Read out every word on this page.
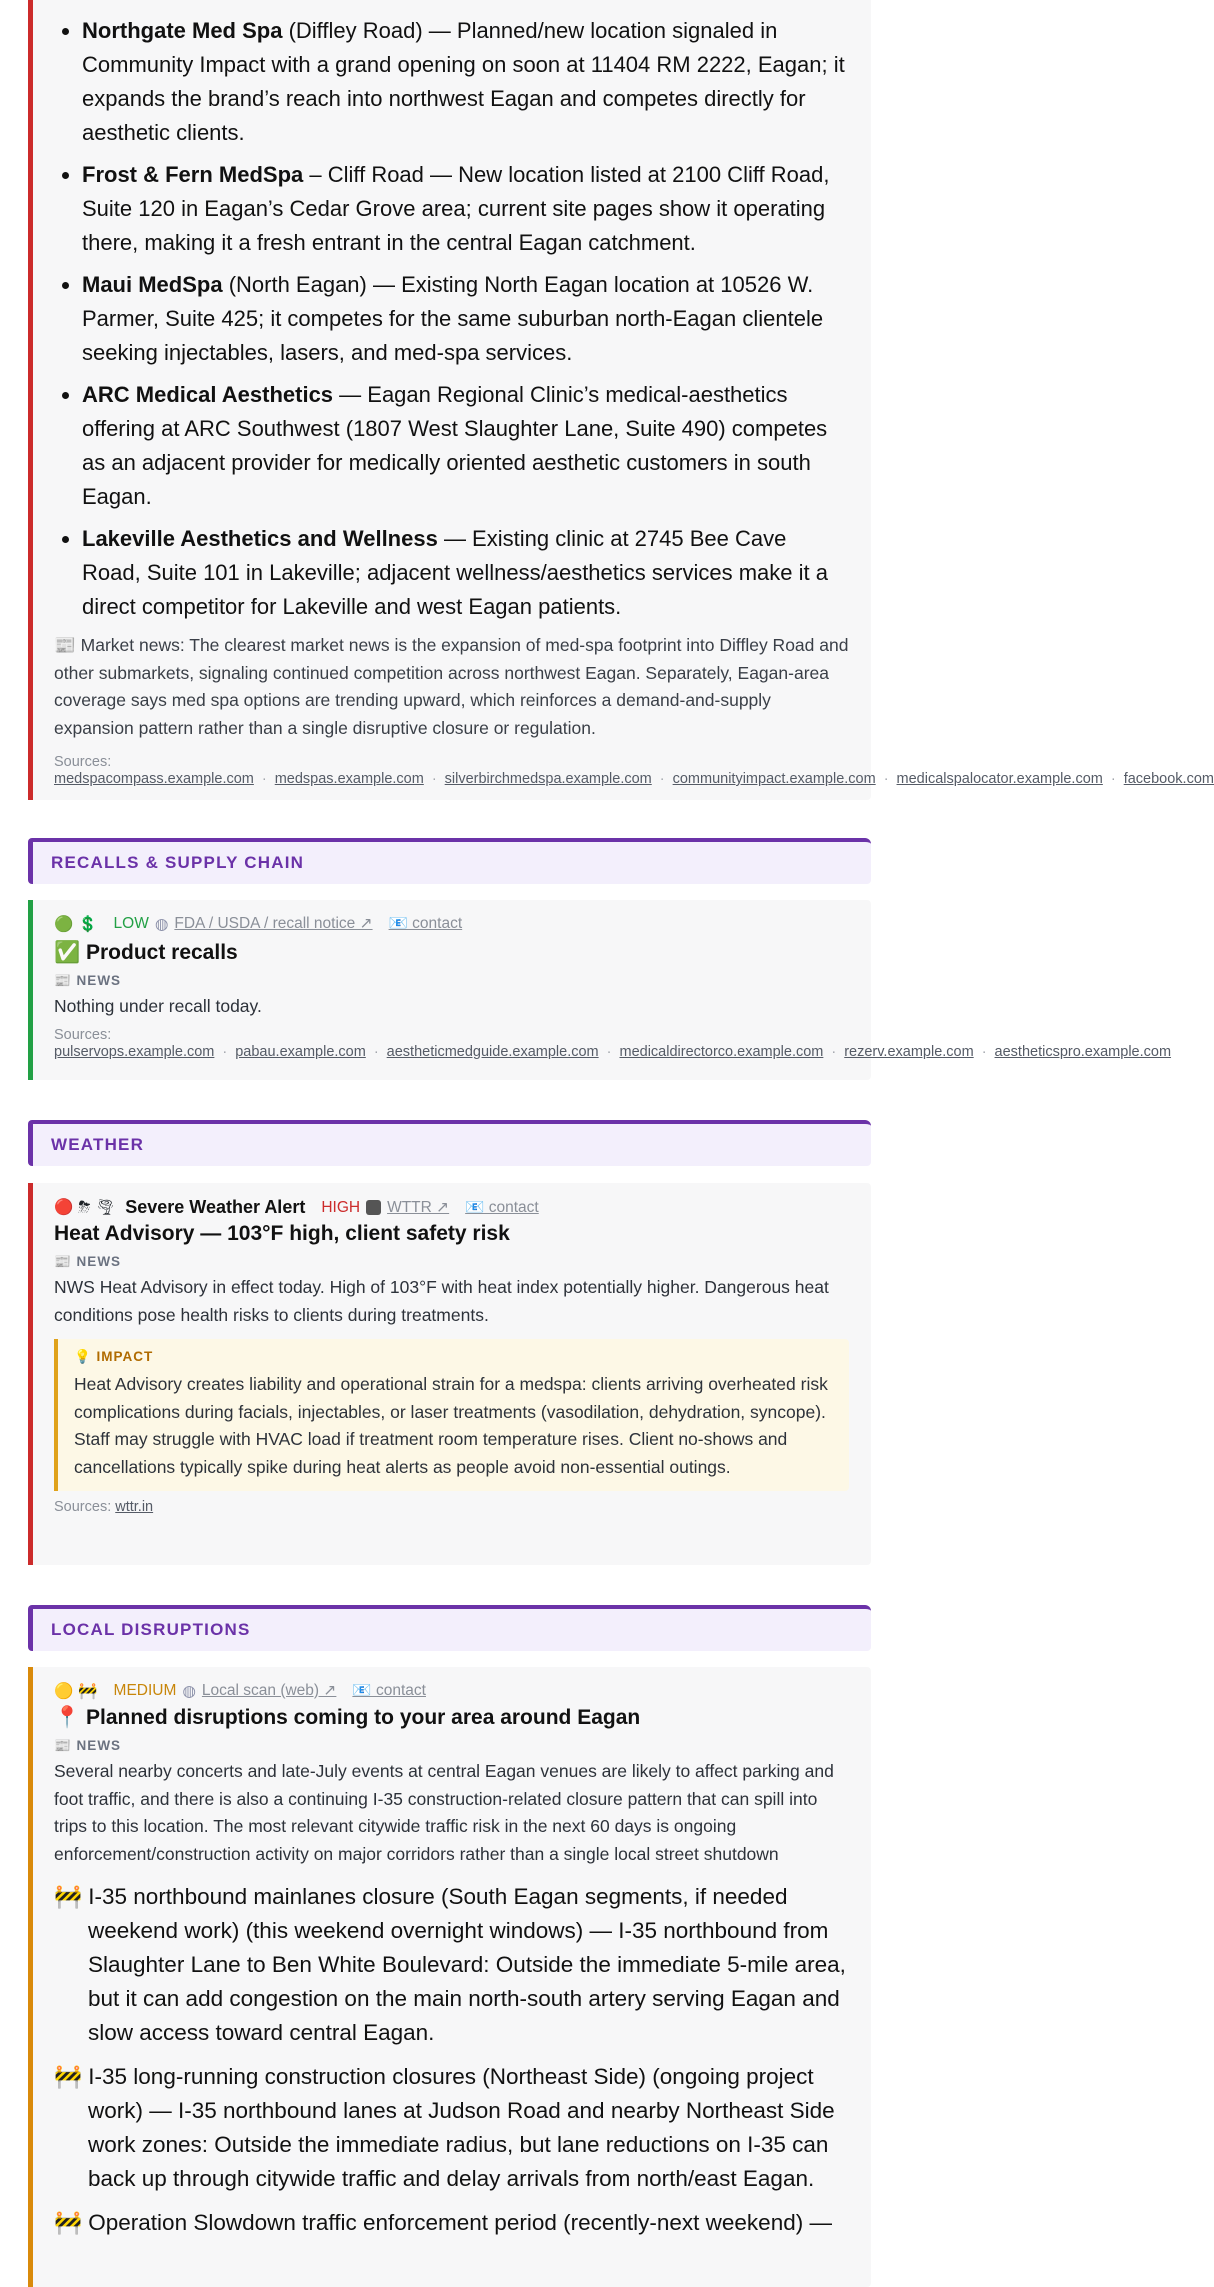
• Northgate Med Spa (Diffley Road) — Planned/new location signaled in Community Impact with a grand opening on soon at 11404 RM 2222, Eagan; it expands the brand’s reach into northwest Eagan and competes directly for aesthetic clients.
• Frost & Fern MedSpa – Cliff Road — New location listed at 2100 Cliff Road, Suite 120 in Eagan’s Cedar Grove area; current site pages show it operating there, making it a fresh entrant in the central Eagan catchment.
• Maui MedSpa (North Eagan) — Existing North Eagan location at 10526 W. Parmer, Suite 425; it competes for the same suburban north-Eagan clientele seeking injectables, lasers, and med-spa services.
• ARC Medical Aesthetics — Eagan Regional Clinic’s medical-aesthetics offering at ARC Southwest (1807 West Slaughter Lane, Suite 490) competes as an adjacent provider for medically oriented aesthetic customers in south Eagan.
• Lakeville Aesthetics and Wellness — Existing clinic at 2745 Bee Cave Road, Suite 101 in Lakeville; adjacent wellness/aesthetics services make it a direct competitor for Lakeville and west Eagan patients.
📰 Market news: The clearest market news is the expansion of med-spa footprint into Diffley Road and other submarkets, signaling continued competition across northwest Eagan. Separately, Eagan-area coverage says med spa options are trending upward, which reinforces a demand-and-supply expansion pattern rather than a single disruptive closure or regulation.
Sources: medspacompass.example.com · medspas.example.com · silverbirchmedspa.example.com · communityimpact.example.com · medicalspalocator.example.com · facebook.com
RECALLS & SUPPLY CHAIN
🟢 💲 LOW ◍ FDA / USDA / recall notice ↗ 📧 contact
✅ Product recalls
📰 NEWS
Nothing under recall today.
Sources: pulservops.example.com · pabau.example.com · aestheticmedguide.example.com · medicaldirectorco.example.com · rezerv.example.com · aestheticspro.example.com
WEATHER
🔴 ⛈ 🌪 Severe Weather Alert HIGH WTTR ↗ 📧 contact
Heat Advisory — 103°F high, client safety risk
📰 NEWS
NWS Heat Advisory in effect today. High of 103°F with heat index potentially higher. Dangerous heat conditions pose health risks to clients during treatments.
💡 IMPACT
Heat Advisory creates liability and operational strain for a medspa: clients arriving overheated risk complications during facials, injectables, or laser treatments (vasodilation, dehydration, syncope). Staff may struggle with HVAC load if treatment room temperature rises. Client no-shows and cancellations typically spike during heat alerts as people avoid non-essential outings.
Sources: wttr.in
LOCAL DISRUPTIONS
🟡 🚧 MEDIUM ◍ Local scan (web) ↗ 📧 contact
📍 Planned disruptions coming to your area around Eagan
📰 NEWS
Several nearby concerts and late-July events at central Eagan venues are likely to affect parking and foot traffic, and there is also a continuing I-35 construction-related closure pattern that can spill into trips to this location. The most relevant citywide traffic risk in the next 60 days is ongoing enforcement/construction activity on major corridors rather than a single local street shutdown
🚧 I-35 northbound mainlanes closure (South Eagan segments, if needed weekend work) (this weekend overnight windows) — I-35 northbound from Slaughter Lane to Ben White Boulevard: Outside the immediate 5-mile area, but it can add congestion on the main north-south artery serving Eagan and slow access toward central Eagan.
🚧 I-35 long-running construction closures (Northeast Side) (ongoing project work) — I-35 northbound lanes at Judson Road and nearby Northeast Side work zones: Outside the immediate radius, but lane reductions on I-35 can back up through citywide traffic and delay arrivals from north/east Eagan.
🚧 Operation Slowdown traffic enforcement period (recently-next weekend) —
